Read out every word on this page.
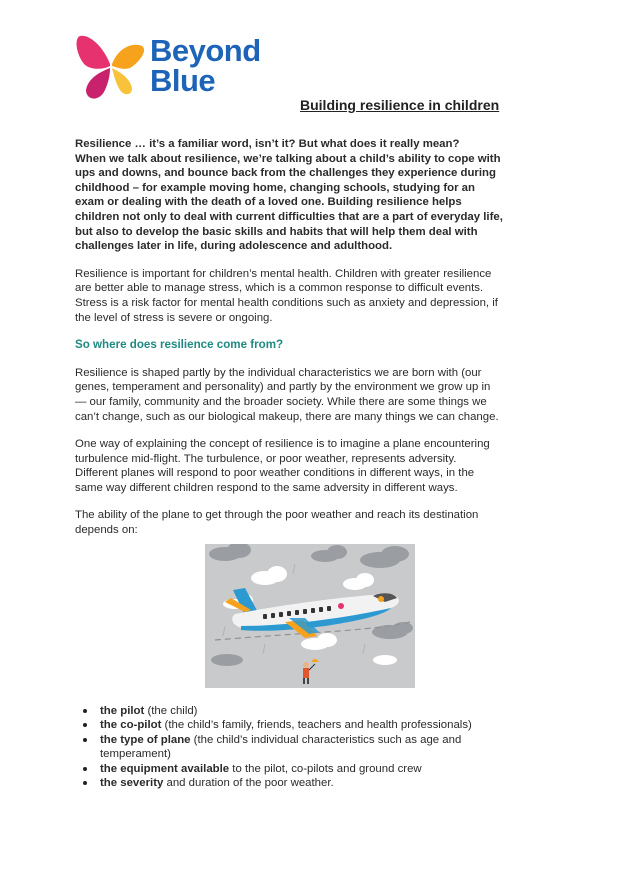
Beyond
Blue
Building resilience in children
Resilience … it’s a familiar word, isn’t it? But what does it really mean?
When we talk about resilience, we’re talking about a child’s ability to cope with
ups and downs, and bounce back from the challenges they experience during
childhood – for example moving home, changing schools, studying for an
exam or dealing with the death of a loved one. Building resilience helps
children not only to deal with current difficulties that are a part of everyday life,
but also to develop the basic skills and habits that will help them deal with
challenges later in life, during adolescence and adulthood.

Resilience is important for children’s mental health. Children with greater resilience

are better able to manage stress, which is a common response to difficult events.

Stress is a risk factor for mental health conditions such as anxiety and depression, if

the level of stress is severe or ongoing.

So where does resilience come from?

Resilience is shaped partly by the individual characteristics we are born with (our

genes, temperament and personality) and partly by the environment we grow up in

— our family, community and the broader society. While there are some things we

can’t change, such as our biological makeup, there are many things we can change.

One way of explaining the concept of resilience is to imagine a plane encountering

turbulence mid-flight. The turbulence, or poor weather, represents adversity.

Different planes will respond to poor weather conditions in different ways, in the

same way different children respond to the same adversity in different ways.

The ability of the plane to get through the poor weather and reach its destination

depends on:

the pilot (the child)
the co-pilot (the child’s family, friends, teachers and health professionals)
the type of plane (the child’s individual characteristics such as age and
temperament)
the equipment available to the pilot, co-pilots and ground crew
the severity and duration of the poor weather.
